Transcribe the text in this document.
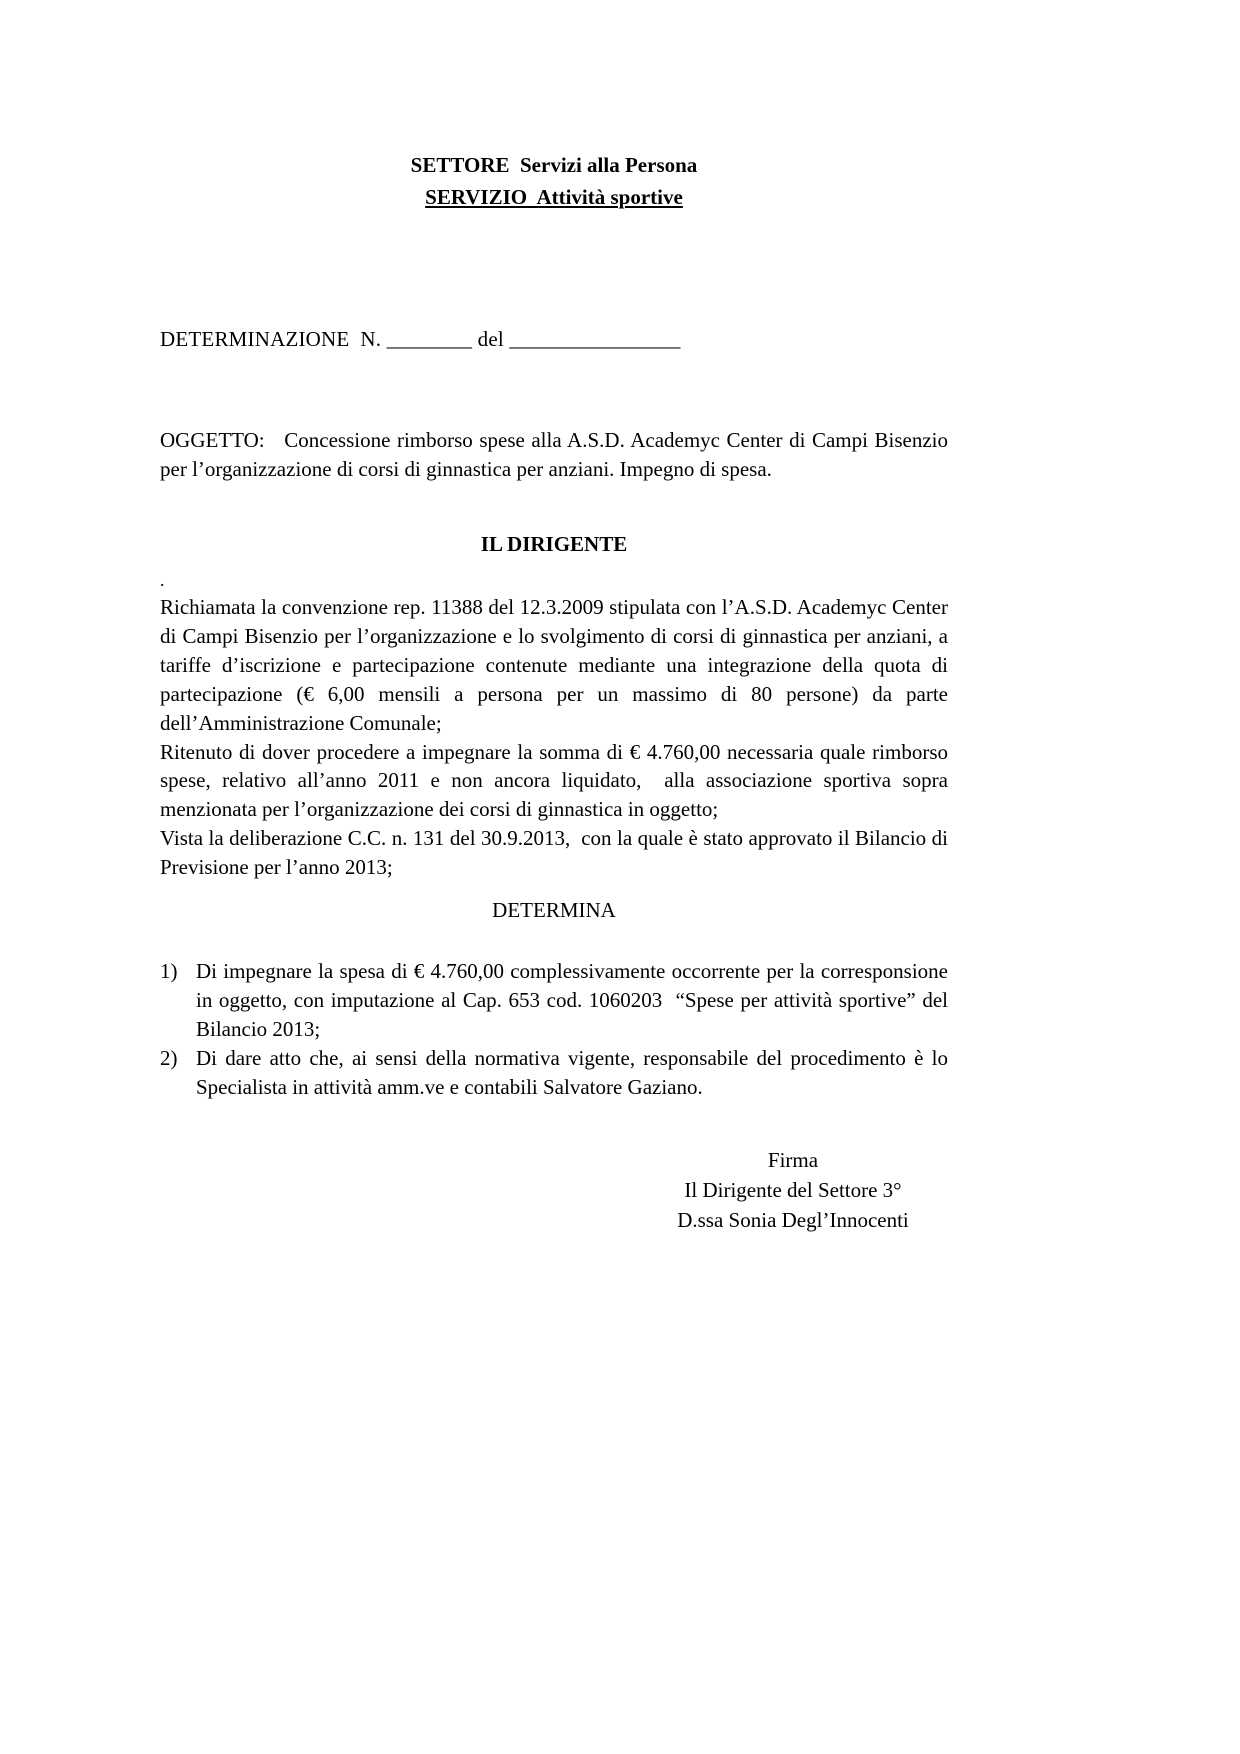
SETTORE  Servizi alla Persona
SERVIZIO  Attività sportive
DETERMINAZIONE  N. ________ del ________________

OGGETTO:   Concessione rimborso spese alla A.S.D. Academyc Center di Campi Bisenzio per l’organizzazione di corsi di ginnastica per anziani. Impegno di spesa.

IL DIRIGENTE
.

Richiamata la convenzione rep. 11388 del 12.3.2009 stipulata con l’A.S.D. Academyc Center di Campi Bisenzio per l’organizzazione e lo svolgimento di corsi di ginnastica per anziani, a tariffe d’iscrizione e partecipazione contenute mediante una integrazione della quota di partecipazione (€ 6,00 mensili a persona per un massimo di 80 persone) da parte dell’Amministrazione Comunale;

Ritenuto di dover procedere a impegnare la somma di € 4.760,00 necessaria quale rimborso spese, relativo all’anno 2011 e non ancora liquidato,  alla associazione sportiva sopra menzionata per l’organizzazione dei corsi di ginnastica in oggetto;

Vista la deliberazione C.C. n. 131 del 30.9.2013,  con la quale è stato approvato il Bilancio di Previsione per l’anno 2013;

DETERMINA
1) Di impegnare la spesa di € 4.760,00 complessivamente occorrente per la corresponsione in oggetto, con imputazione al Cap. 653 cod. 1060203  “Spese per attività sportive” del Bilancio 2013;
2) Di dare atto che, ai sensi della normativa vigente, responsabile del procedimento è lo Specialista in attività amm.ve e contabili Salvatore Gaziano.
Firma
Il Dirigente del Settore 3°
D.ssa Sonia Degl’Innocenti
